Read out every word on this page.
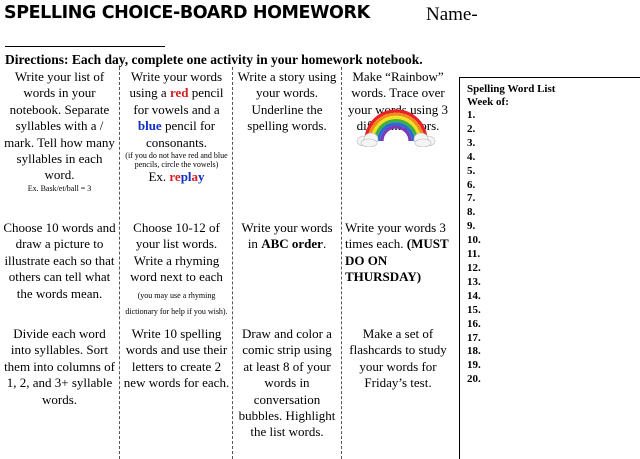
SPELLING CHOICE-BOARD HOMEWORK	Name-
Directions: Each day, complete one activity in your homework notebook.
Write your list of words in your notebook. Separate syllables with a / mark. Tell how many syllables in each word.
Ex. Bask/et/ball = 3
Write your words using a red pencil for vowels and a blue pencil for consonants.
(if you do not have red and blue pencils, circle the vowels)
Ex. replay
Write a story using your words. Underline the spelling words.
Make “Rainbow” words. Trace over your words using 3 different colors.
Choose 10 words and draw a picture to illustrate each so that others can tell what the words mean.
Choose 10-12 of your list words. Write a rhyming word next to each (you may use a rhyming dictionary for help if you wish).
Write your words in ABC order.
Write your words 3 times each. (MUST DO ON THURSDAY)
Divide each word into syllables. Sort them into columns of 1, 2, and 3+ syllable words.
Write 10 spelling words and use their letters to create 2 new words for each.
Draw and color a comic strip using at least 8 of your words in conversation bubbles. Highlight the list words.
Make a set of flashcards to study your words for Friday’s test.
Spelling Word List
Week of:
1.
2.
3.
4.
5.
6.
7.
8.
9.
10.
11.
12.
13.
14.
15.
16.
17.
18.
19.
20.
